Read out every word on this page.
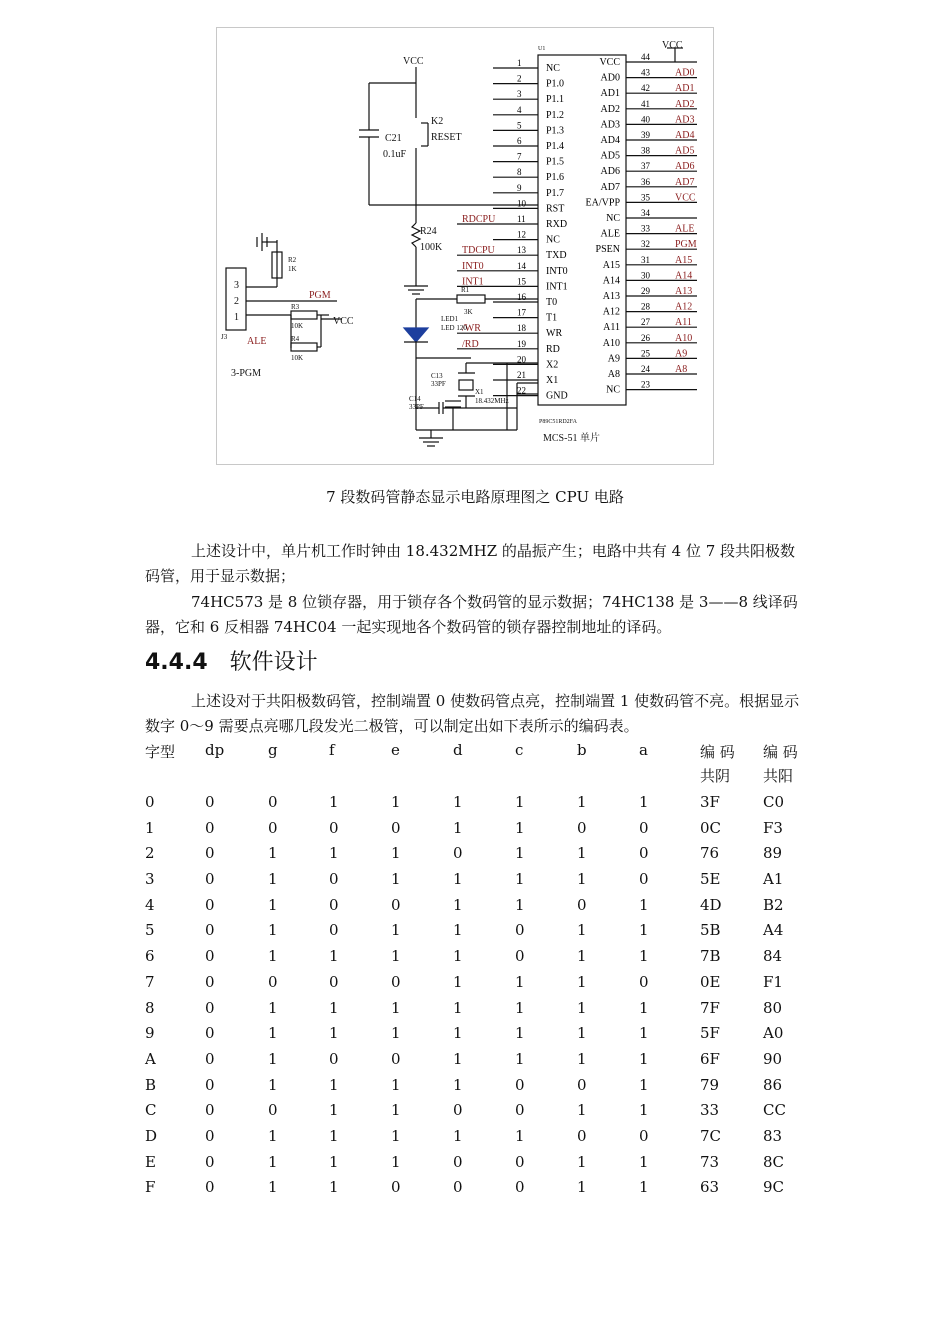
1 NC
2 P1.0
3 P1.1
4 P1.2
5
P1.3
6 P1.4
7 P1.5
8 P1.6
9 P1.7
10 RST
11 RXD
RDCPU
12 NC
13 TXD
TDCPU
14 INT0
INT0
15 INT1
INT1
16 T0
17 T1
18 WR
/WR
19 RD
/RD
20 X2
21 X1
22 GND
44
VCC
43
AD0	AD0
42
AD1	AD1
41
AD2	AD2
40
AD3	AD3
39
AD4	AD4
38
AD5	AD5
37
AD6	AD6
36
AD7	AD7
35
EA/VPP	VCC
34
NC
33
ALE	ALE
32
PSEN	PGM
31
A15	A15
30
A14	A14
29
A13	A13
28
A12	A12
27
A11	A11
26
A10	A10
25
A9	A9
24
A8	A8
23
NC
VCC
VCC
VCC
K2
RESET
C21
0.1uF
R24
100K
R1
3K
LED1
LED 120
C13
33PF
C14
33PF
X1
18.432MHz
R2
1K
R3
10K
R4
10K
J3
PGM
ALE
3-PGM
3
2
1
P89C51RD2FA
U1
MCS-51 单片
7 段数码管静态显示电路原理图之 CPU 电路

上述设计中，单片机工作时钟由 18.432MHZ 的晶振产生；电路中共有 4 位 7 段共阳极数码管，用于显示数据；

74HC573 是 8 位锁存器，用于锁存各个数码管的显示数据；74HC138 是 3——8 线译码器，它和 6 反相器 74HC04 一起实现地各个数码管的锁存器控制地址的译码。

4.4.4 软件设计

上述设对于共阳极数码管，控制端置 0 使数码管点亮，控制端置 1 使数码管不亮。根据显示数字 0～9 需要点亮哪几段发光二极管，可以制定出如下表所示的编码表。

字型 dp	g	f	e	d	c	b	a	编 码 编 码
共阴 共阳
0	0	0	1	1	1	1	1	1	3F	C0
1	0	0	0	0	1	1	0	0	0C	F3
2	0	1	1	1	0	1	1	0	76	89
3	0	1	0	1	1	1	1	0	5E	A1
4	0	1	0	0	1	1	0	1	4D	B2
5	0	1	0	1	1	0	1	1	5B	A4
6	0	1	1	1	1	0	1	1	7B	84
7	0	0	0	0	1	1	1	0	0E	F1
8	0	1	1	1	1	1	1	1	7F	80
9	0	1	1	1	1	1	1	1	5F	A0
A	0	1	0	0	1	1	1	1	6F	90
B	0	1	1	1	1	0	0	1	79	86
C	0	0	1	1	0	0	1	1	33	CC
D	0	1	1	1	1	1	0	0	7C	83
E	0	1	1	1	0	0	1	1	73	8C
F	0	1	1	0	0	0	1	1	63	9C
